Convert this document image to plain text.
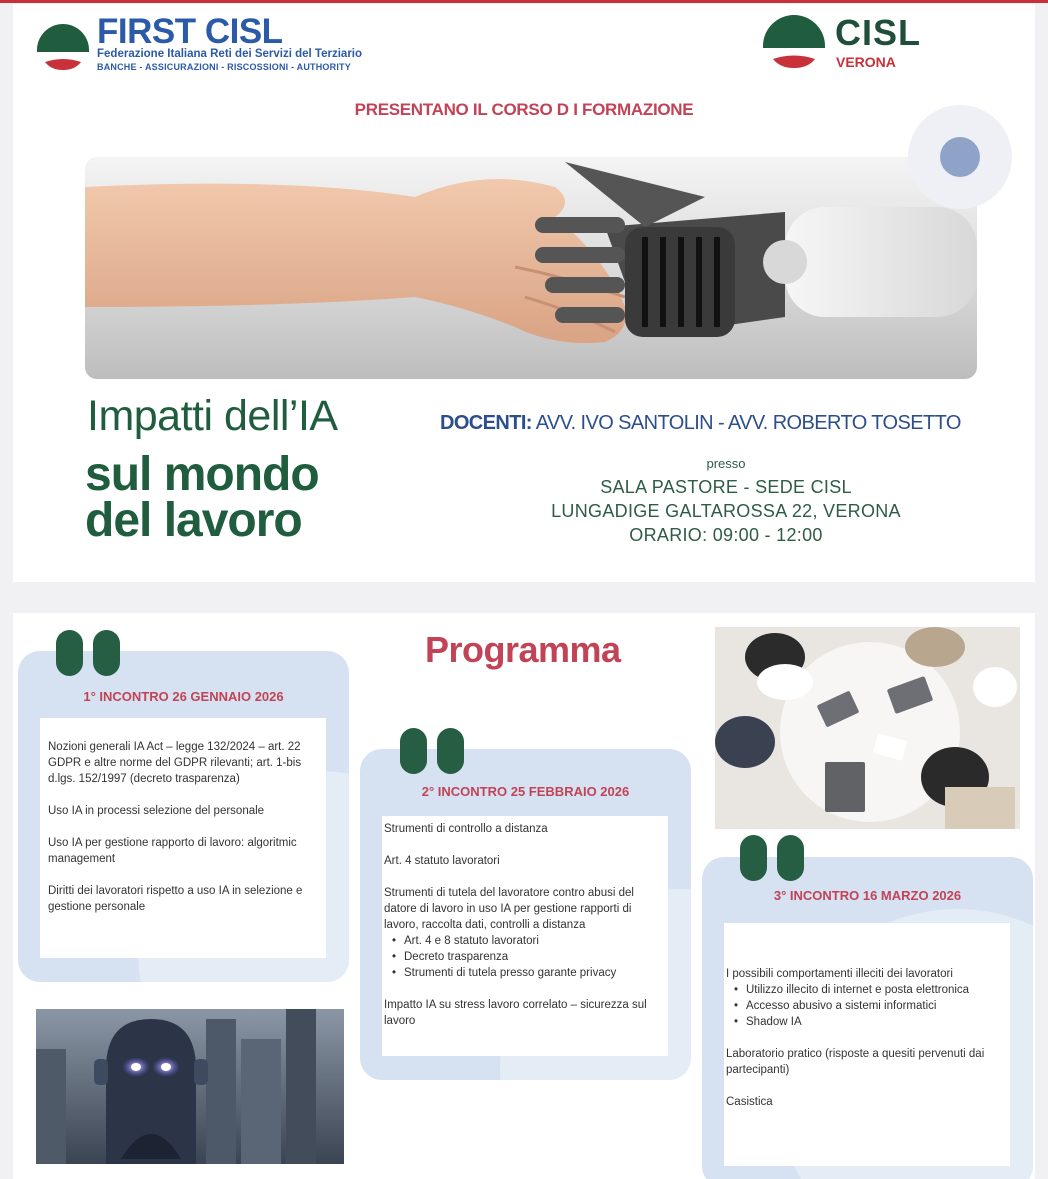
FIRST CISL
Federazione Italiana Reti dei Servizi del Terziario
BANCHE - ASSICURAZIONI - RISCOSSIONI - AUTHORITY
CISL
VERONA
PRESENTANO IL CORSO D I FORMAZIONE
Impatti dell’IA
sul mondo
del lavoro
DOCENTI: AVV. IVO SANTOLIN - AVV. ROBERTO TOSETTO
presso
SALA PASTORE - SEDE CISL
LUNGADIGE GALTAROSSA 22, VERONA
ORARIO: 09:00 - 12:00
Programma
1° INCONTRO 26 GENNAIO 2026

Nozioni generali IA Act – legge 132/2024 – art. 22 GDPR e altre norme del GDPR rilevanti; art. 1-bis d.lgs. 152/1997 (decreto trasparenza)

Uso IA in processi selezione del personale

Uso IA per gestione rapporto di lavoro: algoritmic management

Diritti dei lavoratori rispetto a uso IA in selezione e gestione personale

2° INCONTRO 25 FEBBRAIO 2026

Strumenti di controllo a distanza

Art. 4 statuto lavoratori

Strumenti di tutela del lavoratore contro abusi del datore di lavoro in uso IA per gestione rapporti di lavoro, raccolta dati, controlli a distanza

• Art. 4 e 8 statuto lavoratori
• Decreto trasparenza
• Strumenti di tutela presso garante privacy

Impatto IA su stress lavoro correlato – sicurezza sul lavoro

3° INCONTRO 16 MARZO 2026

I possibili comportamenti illeciti dei lavoratori

• Utilizzo illecito di internet e posta elettronica
• Accesso abusivo a sistemi informatici
• Shadow IA

Laboratorio pratico (risposte a quesiti pervenuti dai partecipanti)

Casistica
